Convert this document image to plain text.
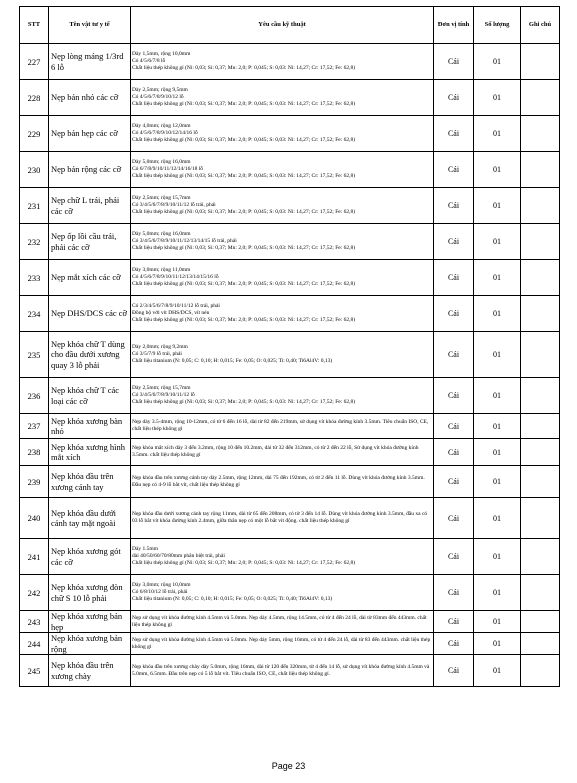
STT	Tên vật tư y tế	Yêu cầu kỹ thuật	Đơn vị tính	Số lượng	Ghi chú
227	Nẹp lòng máng 1/3rd 6 lỗ	Dày 1,5mm, rộng 10,0mm
Có 4/5/6/7/8 lỗ
Chất liệu thép không gỉ (Ni: 0,03; Si: 0,37; Mn: 2,0; P: 0,045; S: 0,03: Ni: 14,27; Cr: 17,52; Fe: 62,8)	Cái	01	
228	Nẹp bản nhỏ các cỡ	Dày 2,5mm; rộng 9,5mm
Có 4/5/6/7/8/9/10/12 lỗ
Chất liệu thép không gỉ (Ni: 0,03; Si: 0,37; Mn: 2,0; P: 0,045; S: 0,03: Ni: 14,27; Cr: 17,52; Fe: 62,8)	Cái	01	
229	Nẹp bản hẹp các cỡ	Dày 4,0mm; rộng 12,0mm
Có 4/5/6/7/8/9/10/12/14/16 lỗ
Chất liệu thép không gỉ (Ni: 0,03; Si: 0,37; Mn: 2,0; P: 0,045; S: 0,03: Ni: 14,27; Cr: 17,52; Fe: 62,8)	Cái	01	
230	Nẹp bản rộng các cỡ	Dày 5,0mm; rộng 16,0mm
Có 6/7/8/9/10/11/12/14/16/18 lỗ
Chất liệu thép không gỉ (Ni: 0,03; Si: 0,37; Mn: 2,0; P: 0,045; S: 0,03: Ni: 14,27; Cr: 17,52; Fe: 62,8)	Cái	01	
231	Nẹp chữ L trái, phải các cỡ	Dày 2,5mm; rộng 15,7mm
Có 3/4/5/6/7/8/9/10/11/12 lỗ trái, phải
Chất liệu thép không gỉ (Ni: 0,03; Si: 0,37; Mn: 2,0; P: 0,045; S: 0,03: Ni: 14,27; Cr: 17,52; Fe: 62,8)	Cái	01	
232	Nẹp ốp lồi cầu trái, phải các cỡ	Dày 5,0mm; rộng 16,0mm
Có 3/4/5/6/7/8/9/10/11/12/13/14/15 lỗ trái, phải
Chất liệu thép không gỉ (Ni: 0,03; Si: 0,37; Mn: 2,0; P: 0,045; S: 0,03: Ni: 14,27; Cr: 17,52; Fe: 62,8)	Cái	01	
233	Nẹp mắt xích các cỡ	Dày 3,0mm; rộng 11,0mm
Có 4/5/6/7/8/9/10/11/12/13/14/15/16 lỗ
Chất liệu thép không gỉ (Ni: 0,03; Si: 0,37; Mn: 2,0; P: 0,045; S: 0,03: Ni: 14,27; Cr: 17,52; Fe: 62,8)	Cái	01	
234	Nẹp DHS/DCS các cỡ	Có 2/3/4/5/6/7/8/9/10/11/12 lỗ trái, phải
Đồng bộ với vít DHS/DCS, vít nén
Chất liệu thép không gỉ (Ni: 0,03; Si: 0,37; Mn: 2,0; P: 0,045; S: 0,03: Ni: 14,27; Cr: 17,52; Fe: 62,8)	Cái	01	
235	Nẹp khóa chữ T dùng cho đầu dưới xương quay 3 lỗ phải	Dày 2,0mm; rộng 9,2mm
Có 3/5/7/9 lỗ trái, phải
Chất liệu titanium (N: 0,05; C: 0,10; H: 0,015; Fe: 0,05; O: 0,025; Ti: 0,40; Ti6Al4V: 0,13)	Cái	01	
236	Nẹp khóa chữ T các loại các cỡ	Dày 2,5mm; rộng 15,7mm
Có 3/4/5/6/7/8/9/10/11/12 lỗ
Chất liệu thép không gỉ (Ni: 0,03; Si: 0,37; Mn: 2,0; P: 0,045; S: 0,03: Ni: 14,27; Cr: 17,52; Fe: 62,8)	Cái	01	
237	Nẹp khóa xương bàn nhỏ	Nẹp dày 3.5-4mm, rộng 10-12mm, có từ 6 đến 16 lỗ, dài từ 82 đến 219mm, sử dụng vít khóa đường kính 3.5mm. Tiêu chuẩn ISO, CE, chất liệu thép không gỉ	Cái	01	
238	Nẹp khóa xương hình mắt xích	Nẹp khóa mắt xích dày 3 đến 3.2mm, rộng 10 đến 10.2mm, dài từ 32 đến 312mm, có từ 2 đến 22 lỗ, Sử dụng vít khóa đường kính 3.5mm. chất liệu thép không gỉ	Cái	01	
239	Nẹp khóa đầu trên xương cánh tay	Nẹp khóa đầu trên xương cánh tay dày 2.5mm, rộng 12mm, dài 75 đến 192mm, có từ 2 đến 11 lỗ. Dùng vít khóa đường kính 3.5mm. Đầu nẹp có 4-9 lỗ bắt vít, chất liệu thép không gỉ	Cái	01	
240	Nẹp khóa đầu dưới cánh tay mặt ngoài	Nẹp khóa đầu dưới xương cánh tay rộng 11mm, dài từ 65 đến 208mm, có từ 3 đến 14 lỗ. Dùng vít khóa đường kính 3.5mm, đầu xa có 03 lỗ bắt vít khóa đường kính 2.4mm, giữa thân nẹp có một lỗ bắt vít động. chất liệu thép không gỉ	Cái	01	
241	Nẹp khóa xương gót các cỡ	Dày 1.5mm
dài 40/50/60/70/80mm phân biệt trái, phải
Chất liệu thép không gỉ (Ni: 0,03; Si: 0,37; Mn: 2,0; P: 0,045; S: 0,03: Ni: 14,27; Cr: 17,52; Fe: 62,8)	Cái	01	
242	Nẹp khóa xương đòn chữ S 10 lỗ phải	Dày 3,0mm; rộng 10,0mm
Có 6/8/10/12 lỗ trái, phải
Chất liệu titanium (N: 0,05; C: 0,10; H: 0,015; Fe: 0,05; O: 0,025; Ti: 0,40; Ti6Al4V: 0,13)	Cái	01	
243	Nẹp khóa xương bản hẹp	Nẹp sử dụng vít khóa đường kính 4.5mm và 5.0mm. Nẹp dày 4.5mm, rộng 14.5mm, có từ 4 đến 24 lỗ, dài từ 83mm đến 443mm. chất liệu thép không gỉ	Cái	01	
244	Nẹp khóa xương bản rộng	Nẹp sử dụng vít khóa đường kính 4.5mm và 5.0mm. Nẹp dày 5mm, rộng 16mm, có từ 4 đến 24 lỗ, dài từ 83 đến 443mm. chất liệu thép không gỉ	Cái	01	
245	Nẹp khóa đầu trên xương chày	Nẹp khóa đầu trên xương chày dày 5.0mm, rộng 16mm, dài từ 120 đến 320mm, từ 4 đến 14 lỗ, sử dụng vít khóa đường kính 4.5mm và 5.0mm, 6.5mm. Đầu trên nẹp có 5 lỗ bắt vít. Tiêu chuẩn ISO, CE, chất liệu thép không gỉ.	Cái	01	
Page 23
